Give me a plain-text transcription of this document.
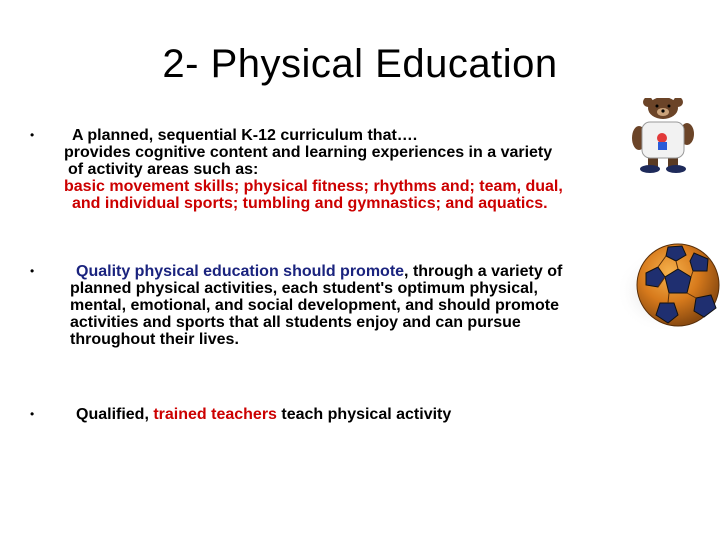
2- Physical Education
• A planned, sequential K-12 curriculum that….
provides cognitive content and learning experiences in a variety
of activity areas such as:
basic movement skills; physical fitness; rhythms and; team, dual,
and individual sports; tumbling and gymnastics; and aquatics.
•	Quality physical education should promote, through a variety of
planned physical activities, each student's optimum physical,
mental, emotional, and social development, and should promote
activities and sports that all students enjoy and can pursue
throughout their lives.
•	Qualified, trained teachers teach physical activity
